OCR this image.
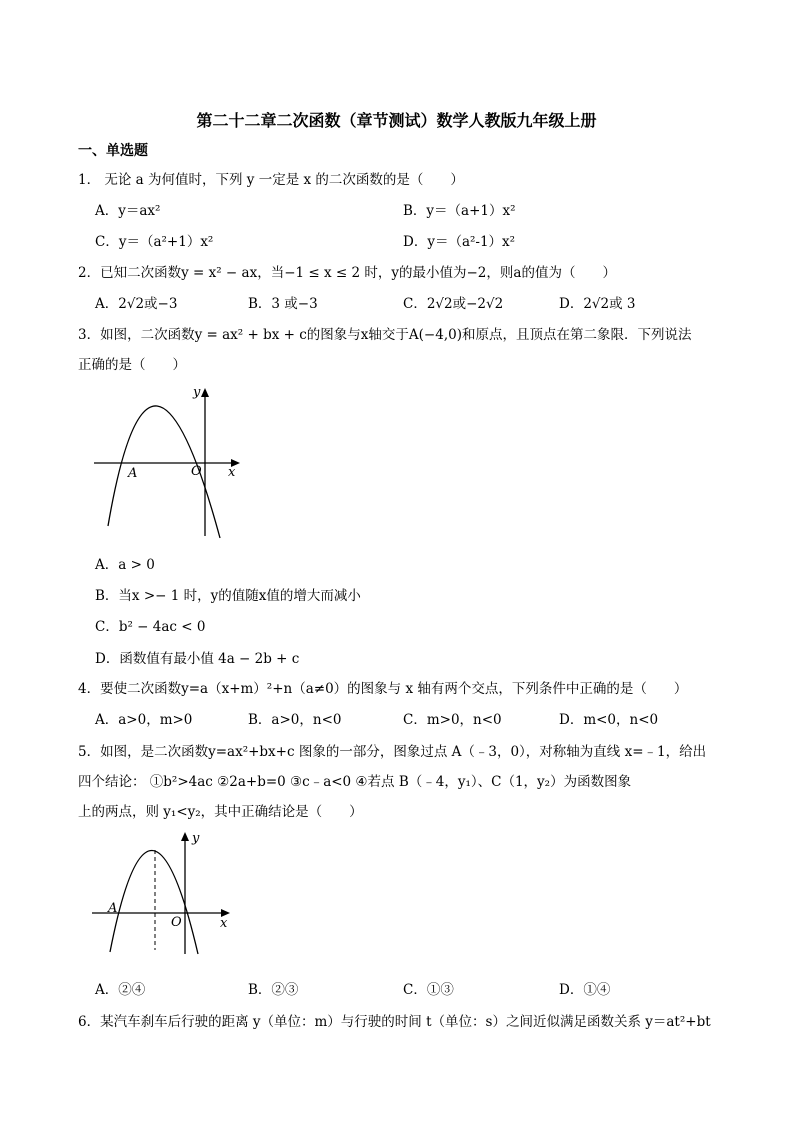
第二十二章二次函数（章节测试）数学人教版九年级上册
一、单选题
1． 无论 a 为何值时，下列 y 一定是 x 的二次函数的是（　　）
A．y＝ax²	B．y＝（a+1）x²
C．y＝（a²+1）x²	D．y＝（a²-1）x²
2．已知二次函数y = x² − ax，当−1 ≤ x ≤ 2 时，y的最小值为−2，则a的值为（　　）
A．2√2或−3	B．3 或−3	C．2√2或−2√2	D．2√2或 3
3．如图，二次函数y = ax² + bx + c的图象与x轴交于A(−4,0)和原点，且顶点在第二象限．下列说法
正确的是（　　）
y
x
A	O
A．a > 0
B．当x >− 1 时，y的值随x值的增大而减小
C．b² − 4ac < 0
D．函数值有最小值 4a − 2b + c
4．要使二次函数y=a（x+m）²+n（a≠0）的图象与 x 轴有两个交点，下列条件中正确的是（　　）
A．a>0，m>0	B．a>0，n<0	C．m>0，n<0	D．m<0，n<0
5．如图，是二次函数y=ax²+bx+c 图象的一部分，图象过点 A（﹣3，0），对称轴为直线 x=﹣1，给出
四个结论： ①b²>4ac ②2a+b=0 ③c﹣a<0 ④若点 B（﹣4，y₁）、C（1，y₂）为函数图象
上的两点，则 y₁<y₂，其中正确结论是（　　）
y
x
A
O
A．②④	B．②③	C．①③	D．①④
6．某汽车刹车后行驶的距离 y（单位：m）与行驶的时间 t（单位：s）之间近似满足函数关系 y＝at²+bt
